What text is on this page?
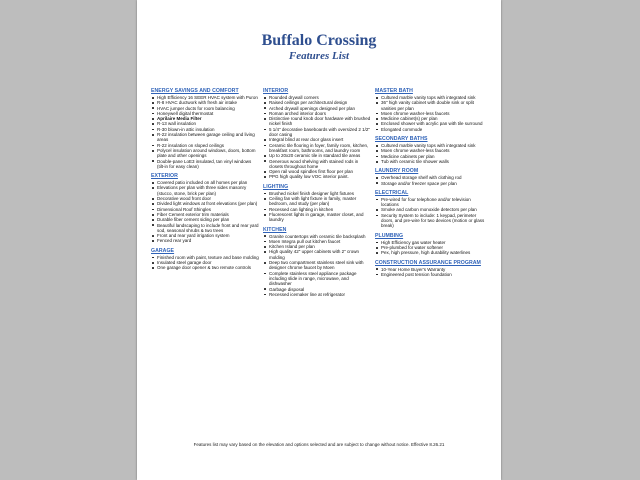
Buffalo Crossing
Features List
ENERGY SAVINGS AND COMFORT
High Efficiency 16 SEER HVAC system with Puron
R-8 HVAC ductwork with fresh air intake
HVAC jumper ducts for room balancing
Honeywell digital thermostat
Aprilaire Media Filter
R-13 wall insulation
R-30 blown-in attic insulation
R-22 insulation between garage ceiling and living areas
R-22 insulation on sloped ceilings
Polycel insulation around windows, doors, bottom plate and other openings
Double-pane LoE3 insulated, tan vinyl windows (tilt-in for easy clean)
EXTERIOR
Covered patio included on all homes per plan
Elevations per plan with three sides masonry (stucco, stone, brick per plan)
Decorative wood front door
Divided light windows at front elevations (per plan)
Dimensional Roof Shingles
Fiber Cement exterior trim materials
Durable fiber cement siding per plan
Beautiful landscaping to include front and rear yard sod, seasonal shrubs & two trees
Front and rear yard irrigation system
Fenced rear yard
GARAGE
Finished room with paint, texture and base molding
Insulated steel garage door
One garage door opener & two remote controls
INTERIOR
Rounded drywall corners
Raised ceilings per architectural design
Arched drywall openings designed per plan
Roman arched interior doors
Distinctive round knob door hardware with brushed nickel finish
5 1/4" decorative baseboards with oversized 2 1/2" door casing
Integral blind at rear door glass insert
Ceramic tile flooring in foyer, family room, kitchen, breakfast room, bathrooms, and laundry room
Up to 20x20 ceramic tile in standard tile areas
Generous wood shelving with stained rods in closets throughout home
Open rail wood spindles first floor per plan
PPG high quality low VOC interior paint.
LIGHTING
Brushed nickel finish designer light fixtures
Ceiling fan with light fixture in family, master bedroom, and study (per plan)
Recessed can lighting in kitchen
Fluorescent lights in garage, master closet, and laundry
KITCHEN
Granite countertops with ceramic tile backsplash
Moen Integra pull out kitchen faucet
Kitchen Island per plan
High quality 42" upper cabinets with 2" crown molding
Deep two compartment stainless steel sink with designer chrome faucet by Moen
Complete stainless steel appliance package including slide in range, microwave, and dishwasher
Garbage disposal
Recessed icemaker line at refrigerator
MASTER BATH
Cultured marble vanity tops with integrated sink
36" high vanity cabinet with double sink or split vanities per plan
Moen chrome washer-less faucets
Medicine cabinet(s) per plan
Enclosed shower with acrylic pan with tile surround
Elongated commode
SECONDARY BATHS
Cultured marble vanity tops with integrated sink
Moen chrome washer-less faucets
Medicine cabinets per plan
Tub with ceramic tile shower walls
LAUNDRY ROOM
Overhead storage shelf with clothing rod
Storage and/or freezer space per plan
ELECTRICAL
Pre-wired for four telephone and/or television locations
Smoke and carbon monoxide detectors per plan
Security System to include: 1 keypad, perimeter doors, and pre-wire for two devices (motion or glass break)
PLUMBING
High Efficiency gas water heater
Pre-plumbed for water softener
Pex, high pressure, high durability waterlines
CONSTRUCTION ASSURANCE PROGRAM
10-Year Home Buyer's Warranty
Engineered post tension foundation
Features list may vary based on the elevation and options selected and are subject to change without notice. Effective 8.26.21
